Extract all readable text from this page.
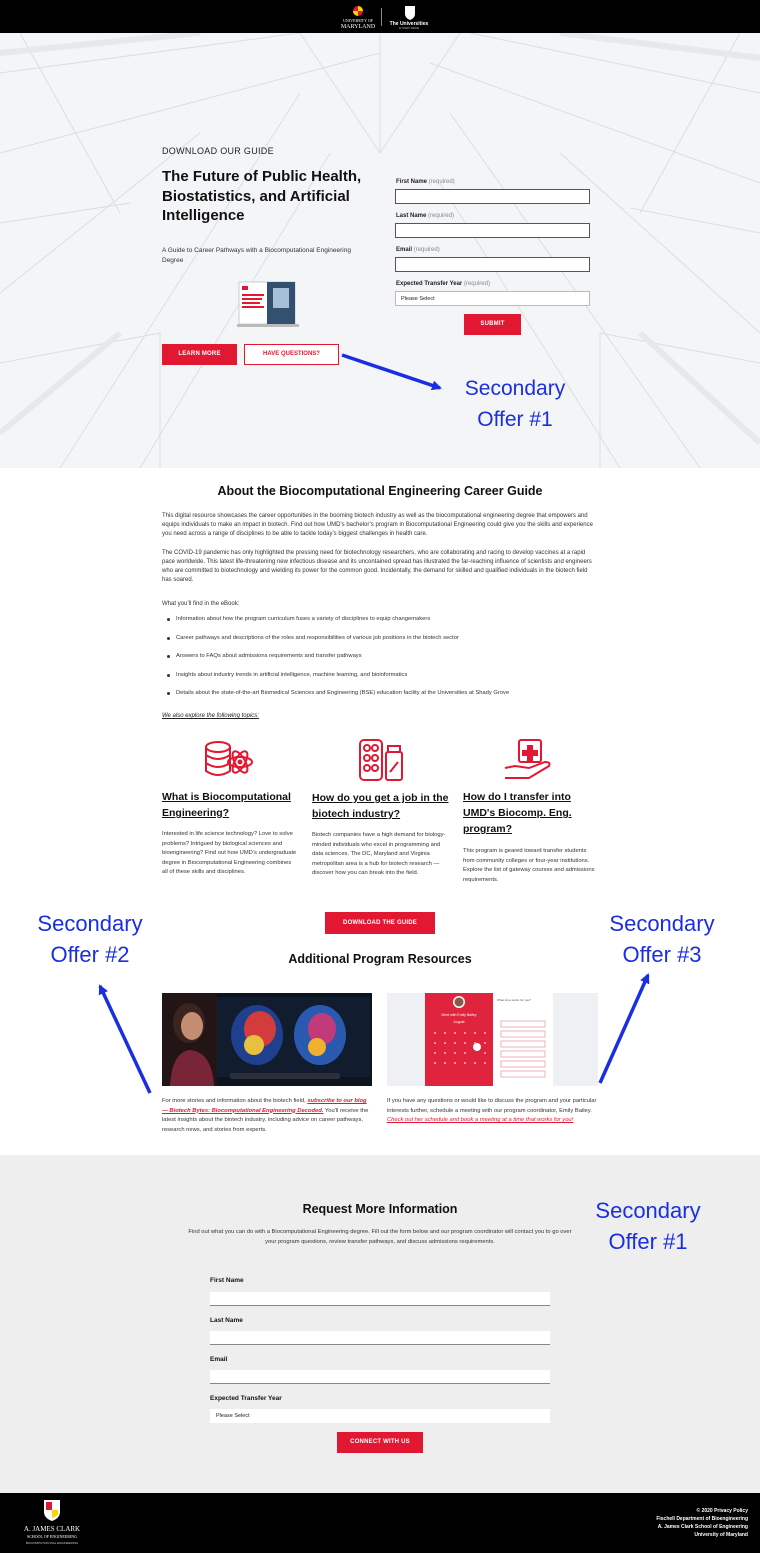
UNIVERSITY OF
MARYLAND	The Universities
AT SHADY GROVE
DOWNLOAD OUR GUIDE
The Future of Public Health, Biostatistics, and Artificial Intelligence
A Guide to Career Pathways with a Biocomputational Engineering Degree
LEARN MORE	HAVE QUESTIONS?
First Name (required)
Last Name (required)
Email (required)
Expected Transfer Year (required)
Please Select
SUBMIT
Secondary
Offer #1
About the Biocomputational Engineering Career Guide
This digital resource showcases the career opportunities in the booming biotech industry as well as the biocomputational engineering degree that empowers and equips individuals to make an impact in biotech. Find out how UMD’s bachelor’s program in Biocomputational Engineering could give you the skills and experience you need across a range of disciplines to be able to tackle today’s biggest challenges in health care.
The COVID-19 pandemic has only highlighted the pressing need for biotechnology researchers, who are collaborating and racing to develop vaccines at a rapid pace worldwide. This latest life-threatening new infectious disease and its uncontained spread has illustrated the far-reaching influence of scientists and engineers who are committed to biotechnology and wielding its power for the common good. Incidentally, the demand for skilled and qualified individuals in the biotech field has soared.
What you’ll find in the eBook:
Information about how the program curriculum fuses a variety of disciplines to equip changemakers
Career pathways and descriptions of the roles and responsibilities of various job positions in the biotech sector
Answers to FAQs about admissions requirements and transfer pathways
Insights about industry trends in artificial intelligence, machine learning, and bioinformatics
Details about the state-of-the-art Biomedical Sciences and Engineering (BSE) education facility at the Universities at Shady Grove
We also explore the following topics:
What is Biocomputational Engineering?
Interested in life science technology? Love to solve problems? Intrigued by biological sciences and bioengineering? Find out how UMD’s undergraduate degree in Biocomputational Engineering combines all of these skills and disciplines.
How do you get a job in the biotech industry?
Biotech companies have a high demand for biology-minded individuals who excel in programming and data sciences. The DC, Maryland and Virginia metropolitan area is a hub for biotech research — discover how you can break into the field.
How do I transfer into UMD's Biocomp. Eng. program?
This program is geared toward transfer students from community colleges or four-year institutions. Explore the list of gateway courses and admissions requirements.
DOWNLOAD THE GUIDE
Secondary
Offer #2
Secondary
Offer #3
Additional Program Resources
Meet with Emily Bailey
August
What time works for you?
For more stories and information about the biotech field, subscribe to our blog — Biotech Bytes: Biocomputational Engineering Decoded. You'll receive the latest insights about the biotech industry, including advice on career pathways, research news, and stories from experts.
If you have any questions or would like to discuss the program and your particular interests further, schedule a meeting with our program coordinator, Emily Bailey. Check out her schedule and book a meeting at a time that works for you!
Request More Information
Find out what you can do with a Biocomputational Engineering degree. Fill out the form below and our program coordinator will contact you to go over your program questions, review transfer pathways, and discuss admissions requirements.
First Name
Last Name
Email
Expected Transfer Year
Please Select
CONNECT WITH US
Secondary
Offer #1
A. JAMES CLARK
SCHOOL OF ENGINEERING
BIOCOMPUTATIONAL ENGINEERING
© 2020 Privacy Policy
Fischell Department of Bioengineering
A. James Clark School of Engineering
University of Maryland
